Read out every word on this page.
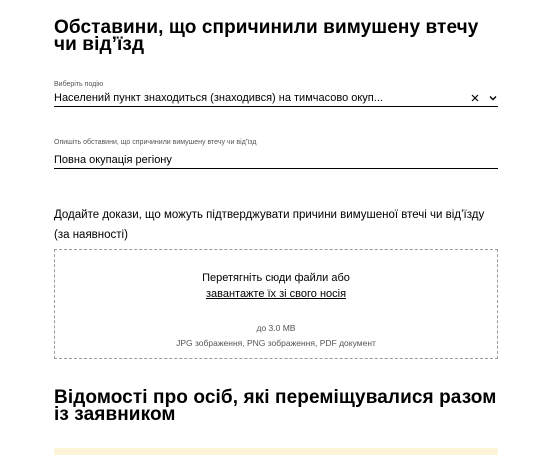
Обставини, що спричинили вимушену втечу чи від’їзд
Виберіть подію
Населений пункт знаходиться (знаходився) на тимчасово окуп...
Опишіть обставини, що спричинили вимушену втечу чи від’їзд
Повна окупація регіону
Додайте докази, що можуть підтверджувати причини вимушеної втечі чи від’їзду (за наявності)
Перетягніть сюди файли або
завантажте їх зі свого носія
до 3.0 MB
JPG зображення, PNG зображення, PDF документ
Відомості про осіб, які переміщувалися разом із заявником
